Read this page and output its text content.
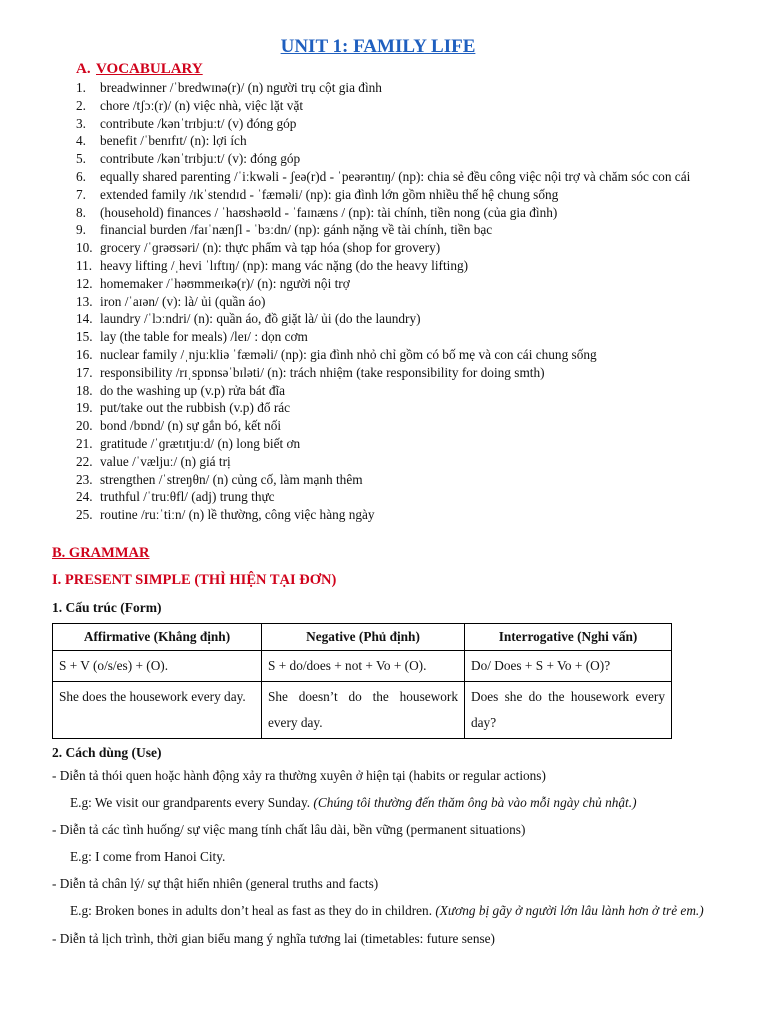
UNIT 1: FAMILY LIFE
A. VOCABULARY
1.	breadwinner /ˈbredwɪnə(r)/ (n) người trụ cột gia đình
2.	chore /tʃɔː(r)/ (n) việc nhà, việc lặt vặt
3.	contribute /kənˈtrɪbjuːt/ (v) đóng góp
4.	benefit /ˈbenɪfɪt/ (n): lợi ích
5.	contribute /kənˈtrɪbjuːt/ (v): đóng góp
6.	equally shared parenting /ˈiːkwəli - ʃeə(r)d - ˈpeərəntɪŋ/ (np): chia sẻ đều công việc nội trợ và chăm sóc con cái
7.	extended family /ɪkˈstendɪd - ˈfæməli/ (np): gia đình lớn gồm nhiều thế hệ chung sống
8.	(household) finances / ˈhaʊshəʊld - ˈfaɪnæns / (np): tài chính, tiền nong (của gia đình)
9.	financial burden /faɪˈnænʃl - ˈbɜːdn/ (np): gánh nặng về tài chính, tiền bạc
10. grocery /ˈɡrəʊsəri/ (n): thực phẩm và tạp hóa (shop for grovery)
11. heavy lifting /ˌhevi ˈlɪftɪŋ/ (np): mang vác nặng (do the heavy lifting)
12. homemaker /ˈhəʊmmeɪkə(r)/ (n): người nội trợ
13. iron /ˈaɪən/ (v): là/ ủi (quần áo)
14. laundry /ˈlɔːndri/ (n): quần áo, đồ giặt là/ ủi (do the laundry)
15. lay (the table for meals) /leɪ/ : dọn cơm
16. nuclear family /ˌnjuːkliə ˈfæməli/ (np): gia đình nhỏ chỉ gồm có bố mẹ và con cái chung sống
17. responsibility /rɪˌspɒnsəˈbɪləti/ (n): trách nhiệm (take responsibility for doing smth)
18. do the washing up (v.p) rửa bát đĩa
19. put/take out the rubbish (v.p) đổ rác
20. bond /bɒnd/ (n) sự gắn bó, kết nối
21. gratitude /ˈɡrætɪtjuːd/ (n) long biết ơn
22. value /ˈvæljuː/ (n) giá trị
23. strengthen /ˈstreŋθn/ (n) củng cố, làm mạnh thêm
24. truthful /ˈtruːθfl/ (adj) trung thực
25. routine /ruːˈtiːn/ (n) lề thường, công việc hàng ngày
B. GRAMMAR
I. PRESENT SIMPLE (THÌ HIỆN TẠI ĐƠN)
1. Cấu trúc (Form)
Affirmative (Khẳng định)	Negative (Phủ định)	Interrogative (Nghi vấn)
S + V (o/s/es) + (O).	S + do/does + not + Vo + (O).	Do/ Does + S + Vo + (O)?
She does the housework every day.	She doesn’t do the housework every day.	Does she do the housework every day?
2. Cách dùng (Use)
- Diễn tả thói quen hoặc hành động xảy ra thường xuyên ở hiện tại (habits or regular actions)
E.g: We visit our grandparents every Sunday. (Chúng tôi thường đến thăm ông bà vào mỗi ngày chủ nhật.)
- Diễn tả các tình huống/ sự việc mang tính chất lâu dài, bền vững (permanent situations)
E.g: I come from Hanoi City.
- Diễn tả chân lý/ sự thật hiển nhiên (general truths and facts)
E.g: Broken bones in adults don’t heal as fast as they do in children. (Xương bị gãy ở người lớn lâu lành hơn ở trẻ em.)
- Diễn tả lịch trình, thời gian biểu mang ý nghĩa tương lai (timetables: future sense)
